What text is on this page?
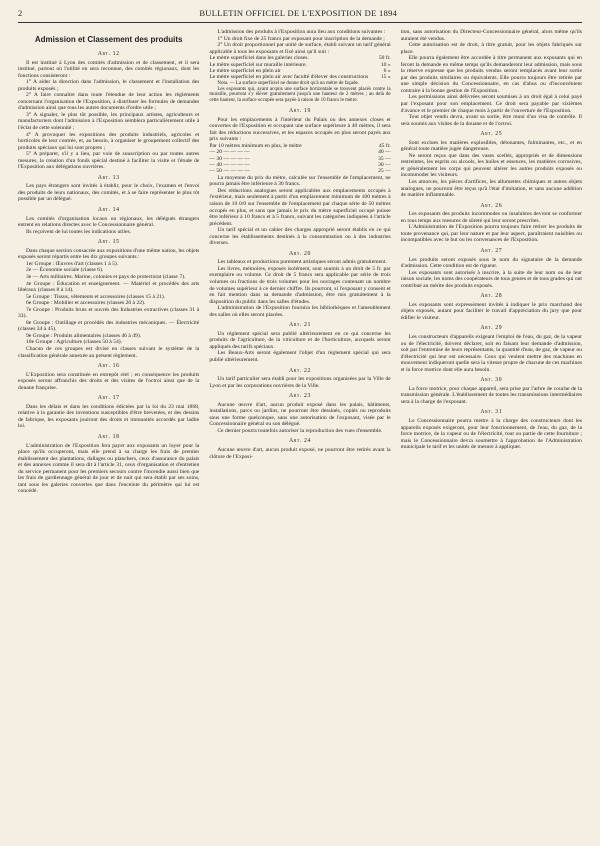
2	BULLETIN OFFICIEL DE L'EXPOSITION DE 1894
Admission et Classement des produits
Art. 12

Il est institué à Lyon des comités d'admission et de classement, et il sera institué, partout où l'utilité en sera reconnue, des comités régionaux, dont les fonctions consisteront :

1° A aider la direction dans l'admission, le classement et l'installation des produits exposés ;

2° A faire connaître dans toute l'étendue de leur action les règlements concernant l'organisation de l'Exposition, à distribuer les formules de demandes d'admission ainsi que tous les autres documents d'ordre utile ;

3° A signaler, le plus tôt possible, les principaux artistes, agriculteurs et manufacturiers dont l'admission à l'Exposition semblera particulièrement utile à l'éclat de cette solennité ;

4° A provoquer les expositions des produits industriels, agricoles et horticoles de leur contrée, et, au besoin, à organiser le groupement collectif des produits spéciaux qui lui sont propres ;

5° A préparer, s'il y a lieu, par voie de souscription ou par toutes autres mesures, la création d'un fonds spécial destiné à faciliter la visite et l'étude de l'Exposition aux délégations ouvrières.

Art. 13

Les pays étrangers sont invités à établir, pour le choix, l'examen et l'envoi des produits de leurs nationaux, des comités, et à se faire représenter le plus tôt possible par un délégué.

Art. 14

Les comités d'organisation locaux ou régionaux, les délégués étrangers entrent en relations directes avec le Concessionnaire général.

Ils reçoivent de lui toutes les indications utiles.

Art. 15

Dans chaque section consacrée aux expositions d'une même nation, les objets exposés seront répartis entre les dix groupes suivants :

1er Groupe : Œuvres d'art (classes 1 à 5).

2e — Économie sociale (classe 6).

3e — Arts militaires. Marine, colonies et pays de protectorat (classe 7).

4e Groupe : Éducation et enseignement. — Matériel et procédés des arts libéraux (classes 8 à 14).

5e Groupe : Tissus, vêtements et accessoires (classes 15 à 21).

6e Groupe : Mobilier et accessoires (classes 20 à 22).

7e Groupe : Produits bruts et ouvrés des Industries extractives (classes 31 à 33).

8e Groupe : Outillage et procédés des industries mécaniques. — Électricité (classes 34 à 45).

9e Groupe : Produits alimentaires (classes 46 à 49).

10e Groupe : Agriculture (classes 50 à 54).

Chacun de ces groupes est divisé en classes suivant le système de la classification générale annexée au présent règlement.

Art. 16

L'Exposition sera constituée en entrepôt réel ; en conséquence les produits exposés seront affranchis des droits et des visites de l'octroi ainsi que de la douane française.

Art. 17

Dans les délais et dans les conditions édictées par la loi du 23 mai 1868, relative à la garantie des inventions susceptibles d'être brevetées, et des dessins de fabrique, les exposants jouiront des droits et immunités accordés par ladite loi.

Art. 18

L'administration de l'Exposition fera payer aux exposants un loyer pour la place qu'ils occuperont, mais elle prend à sa charge les frais de premier établissement des plantations, dallages ou planchers, ceux d'assurance du palais et des annexes comme il sera dit à l'article 31, ceux d'organisation et d'entretien du service permanent pour les premiers secours contre l'incendie aussi bien que les frais de gardiennage général de jour et de nuit qui sera établi par ses soins, tant sous les galeries couvertes que dans l'enceinte du périmètre qui lui est concédé.

L'admission des produits à l'Exposition aura lieu aux conditions suivantes :

1° Un droit fixe de 25 francs par exposant pour inscription de la demande ;

2° Un droit proportionnel par unité de surface, établi suivant un tarif général applicable à tous les exposants et fixé ainsi qu'il suit :

Le mètre superficiel dans les galeries closes.	50 fr.
Le mètre superficiel sur muraille intérieure.	10 »
Le mètre superficiel en plein air	6 »
Le mètre superficiel en plein air avec faculté d'élever des constructions	15 »

Nota. — La surface superficiel ne donne droit qu'à un mètre de façade.

Les exposants qui, ayant acquis une surface horizontale se trouvent placés contre la muraille, pourront s'y élever gratuitement jusqu'à une hauteur de 2 mètres ; au delà de cette hauteur, la surface occupée sera payée à raison de 10 francs le mètre.

Art. 19

Pour les emplacements à l'intérieur du Palais ou des annexes closes et couvertes de l'Exposition et occupant une surface supérieure à 40 mètres, il sera fait des réductions successives, et les espaces occupés en plus seront payés aux prix suivants :

Par 10 mètres minimum en plus, le mètre	45 fr.
— 20 — — — —	40 —
— 30 — — — —	35 —
— 40 — — — —	30 —
— 50 — — — —	25 —

La moyenne du prix du mètre, calculée sur l'ensemble de l'emplacement, ne pourra jamais être inférieure à 30 francs.

Des réductions analogues seront applicables aux emplacements occupés à l'extérieur, mais seulement à partir d'un emplacement minimum de 100 mètres à raison de 10 0/0 sur l'ensemble de l'emplacement par chaque série de 50 mètres occupés en plus, et sans que jamais le prix du mètre superficiel occupé puisse être inférieur à 10 francs et à 5 francs, suivant les catégories indiquées à l'article précédent.

Un tarif spécial et un cahier des charges approprié seront établis en ce qui concerne les établissements destinés à la consommation ou à des industries diverses.

Art. 20

Les tableaux et productions purement artistiques seront admis gratuitement.

Les livres, mémoires, exposés isolément, sont soumis à un droit de 5 fr. par exemplaire ou volume. Ce droit de 5 francs sera applicable par série de trois volumes ou fractions de trois volumes pour les ouvrages contenant un nombre de volumes supérieur à ce dernier chiffre. Ils pourront, si l'exposant y consent et en fait mention dans sa demande d'admission, être mis gratuitement à la disposition du public dans les salles d'études.

L'administration de l'Exposition fournira les bibliothèques et l'ameublement des salles où elles seront placées.

Art. 21

Un règlement spécial sera publié ultérieurement en ce qui concerne les produits de l'agriculture, de la viticulture et de l'horticulture, auxquels seront appliqués des tarifs spéciaux.

Les Beaux-Arts seront également l'objet d'un règlement spécial qui sera publié ultérieurement.

Art. 22

Un tarif particulier sera établi pour les expositions organisées par la Ville de Lyon et par les corporations ouvrières de la Ville.

Art. 23

Aucune œuvre d'art, aucun produit exposé dans les palais, bâtiments, installations, parcs ou jardins, ne pourront être dessinés, copiés ou reproduits sous une forme quelconque, sans une autorisation de l'exposant, visée par le Concessionnaire général ou son délégué.

Ce dernier pourra toutefois autoriser la reproduction des vues d'ensemble.

Art. 24

Aucune œuvre d'art, aucun produit exposé, ne pourront être retirés avant la clôture de l'Exposi-

tion, sans autorisation du Directeur-Concessionnaire général, alors même qu'ils auraient été vendus.

Cette autorisation est de droit, à titre gratuit, pour les objets fabriqués sur place.

Elle pourra également être accordée à titre permanent aux exposants qui en feront la demande en même temps qu'ils demanderont leur admission, mais sous la réserve expresse que les produits vendus seront remplacés avant leur sortie par des produits similaires ou équivalents. Elle pourra toujours être retirée par une simple décision du Concessionnaire, en cas d'abus ou d'inconvénient contraire à la bonne gestion de l'Exposition.

Les permissions ainsi délivrées seront soumises à un droit égal à celui payé par l'exposant pour son emplacement. Ce droit sera payable par sixièmes d'avance et le premier de chaque mois à partir de l'ouverture de l'Exposition.

Tout objet vendu devra, avant sa sortie, être muni d'un visa de contrôle. Il sera soumis aux visites de la douane et de l'octroi.

Art. 25

Sont exclues les matières explosibles, détonantes, fulminantes, etc., et en général toute matière jugée dangereuse.

Ne seront reçus que dans des vases scellés, appropriés et de dimensions restreintes, les esprits ou alcools, les huiles et essences, les matières corrosives, et généralement les corps qui peuvent altérer les autres produits exposés ou incommoder les visiteurs.

Les amorces, les pièces d'artifices, les allumettes chimiques et autres objets analogues, ne pourront être reçus qu'à l'état d'imitation, et sans aucune addition de matière inflammable.

Art. 26

Les exposants des produits incommodes ou insalubres devront se conformer en tous temps aux mesures de sûreté qui leur seront prescrites.

L'Administration de l'Exposition pourra toujours faire retirer les produits de toute provenance qui, par leur nature et par leur aspect, paraîtraient nuisibles ou incompatibles avec le but ou les convenances de l'Exposition.

Art. 27

Les produits seront exposés sous le nom du signataire de la demande d'admission. Cette condition est de rigueur.

Les exposants sont autorisés à inscrire, à la suite de leur nom ou de leur raison sociale, les noms des coopérateurs de tous genres et de tous grades qui ont contribué au mérite des produits exposés.

Art. 28

Les exposants sont expressément invités à indiquer le prix marchand des objets exposés, autant pour faciliter le travail d'appréciation du jury que pour édifier le visiteur.

Art. 29

Les constructeurs d'appareils exigeant l'emploi de l'eau, du gaz, de la vapeur ou de l'électricité, doivent déclarer, soit en faisant leur demande d'admission, soit par l'entremise de leurs représentants, la quantité d'eau, de gaz, de vapeur ou d'électricité qui leur est nécessaire. Ceux qui veulent mettre des machines en mouvement indiqueront quelle sera la vitesse propre de chacune de ces machines et la force motrice dont elle aura besoin.

Art. 30

La force motrice, pour chaque appareil, sera prise par l'arbre de couche de la transmission générale. L'établissement de toutes les transmissions intermédiaires sera à la charge de l'exposant.

Art. 31

Le Concessionnaire pourra mettre à la charge des constructeurs dont les appareils exposés exigeront, pour leur fonctionnement, de l'eau, du gaz, de la force motrice, de la vapeur ou de l'électricité, tout ou partie de cette fourniture ; mais le Concessionnaire devra soumettre à l'approbation de l'Administration municipale le tarif et les unités de mesure à appliquer.
